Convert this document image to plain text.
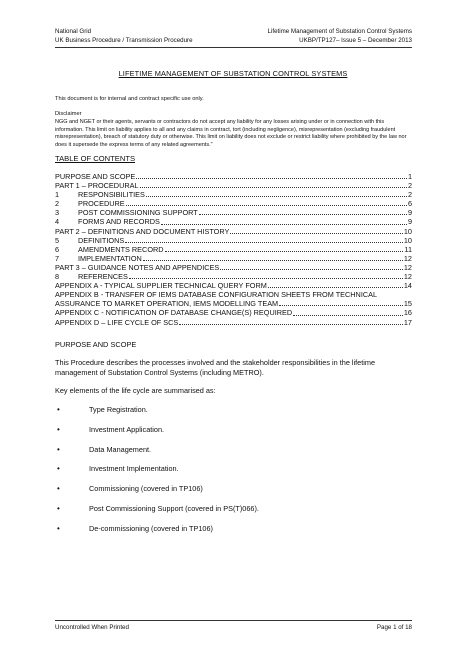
National Grid
UK Business Procedure / Transmission Procedure
Lifetime Management of Substation Control Systems
UKBP/TP127– Issue 5 – December 2013
LIFETIME MANAGEMENT OF SUBSTATION CONTROL SYSTEMS
This document is for internal and contract specific use only.
Disclaimer
NGG and NGET or their agents, servants or contractors do not accept any liability for any losses arising under or in connection with this information. This limit on liability applies to all and any claims in contract, tort (including negligence), misrepresentation (excluding fraudulent misrepresentation), breach of statutory duty or otherwise. This limit on liability does not exclude or restrict liability where prohibited by the law nor does it supersede the express terms of any related agreements."
TABLE OF CONTENTS
PURPOSE AND SCOPE	1
PART 1 – PROCEDURAL	2
1	RESPONSIBILITIES	2
2	PROCEDURE	6
3	POST COMMISSIONING SUPPORT	9
4	FORMS AND RECORDS	9
PART 2 – DEFINITIONS AND DOCUMENT HISTORY	10
5	DEFINITIONS	10
6	AMENDMENTS RECORD	11
7	IMPLEMENTATION	12
PART 3 – GUIDANCE NOTES AND APPENDICES	12
8	REFERENCES	12
APPENDIX A - TYPICAL SUPPLIER TECHNICAL QUERY FORM	14
APPENDIX B - TRANSFER OF IEMS DATABASE CONFIGURATION SHEETS FROM TECHNICAL
ASSURANCE TO MARKET OPERATION, IEMS MODELLING TEAM	15
APPENDIX C - NOTIFICATION OF DATABASE CHANGE(S) REQUIRED	16
APPENDIX D – LIFE CYCLE OF SCS	17
PURPOSE AND SCOPE
This Procedure describes the processes involved and the stakeholder responsibilities in the lifetime management of Substation Control Systems (including METRO).
Key elements of the life cycle are summarised as:
•	Type Registration.
•	Investment Application.
•	Data Management.
•	Investment Implementation.
•	Commissioning (covered in TP106)
•	Post Commissioning Support (covered in PS(T)066).
•	De-commissioning (covered in TP106)
Uncontrolled When Printed	Page 1 of 18
